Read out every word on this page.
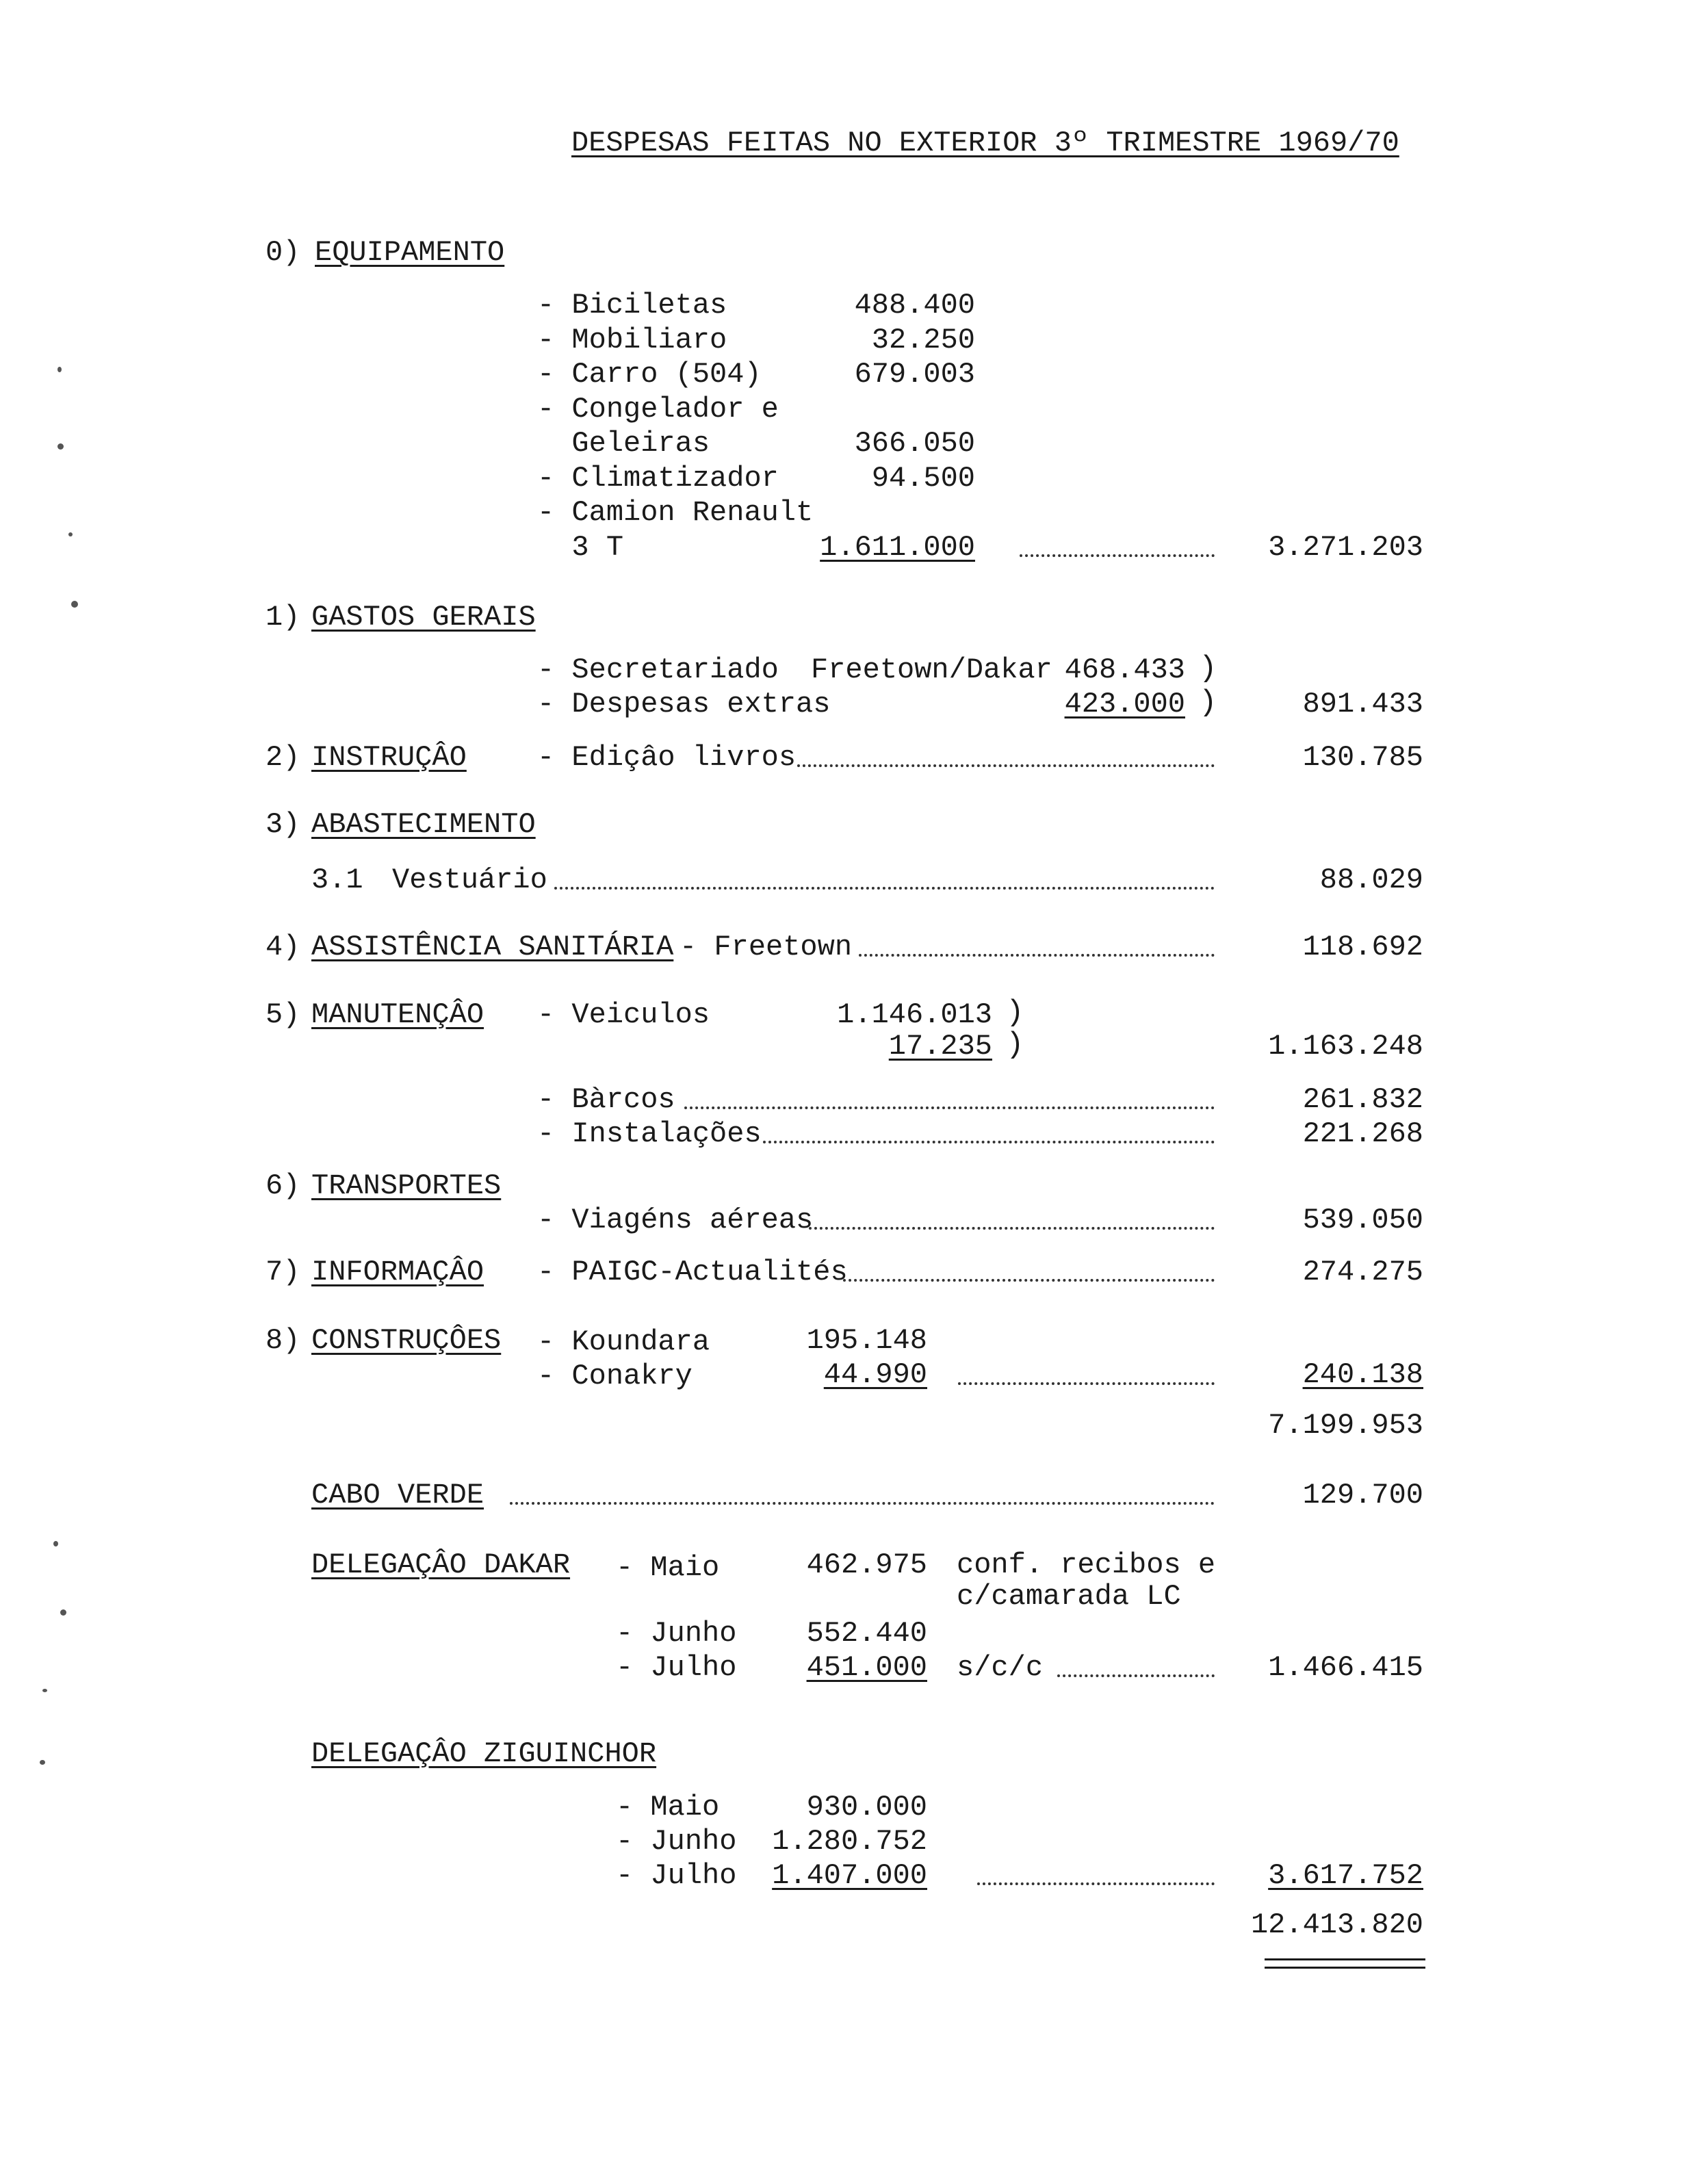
DESPESAS FEITAS NO EXTERIOR 3º TRIMESTRE 1969/70
0) EQUIPAMENTO
- Biciletas	488.400
- Mobiliaro	32.250
- Carro (504)	679.003
- Congelador e
Geleiras	366.050
- Climatizador	94.500
- Camion Renault
3 T	1.611.000	3.271.203
1) GASTOS GERAIS
- Secretariado Freetown/Dakar 468.433 )
- Despesas extras	423.000 )	891.433
2) INSTRUÇÂO - Ediçâo livros	130.785
3) ABASTECIMENTO
3.1 Vestuário	88.029
4) ASSISTÊNCIA SANITÁRIA - Freetown	118.692
5) MANUTENÇÂO - Veiculos	1.146.013 )
17.235 )	1.163.248
- Bàrcos	261.832
- Instalações	221.268
6) TRANSPORTES
- Viagéns aéreas	539.050
7) INFORMAÇÂO - PAIGC-Actualités	274.275
8) CONSTRUÇÔES - Koundara	195.148
- Conakry	44.990	240.138
7.199.953
CABO VERDE	129.700
DELEGAÇÂO DAKAR - Maio	462.975 conf. recibos e
c/camarada LC
- Junho	552.440
- Julho	451.000 s/c/c	1.466.415
DELEGAÇÂO ZIGUINCHOR
- Maio	930.000
- Junho	1.280.752
- Julho	1.407.000	3.617.752
12.413.820
